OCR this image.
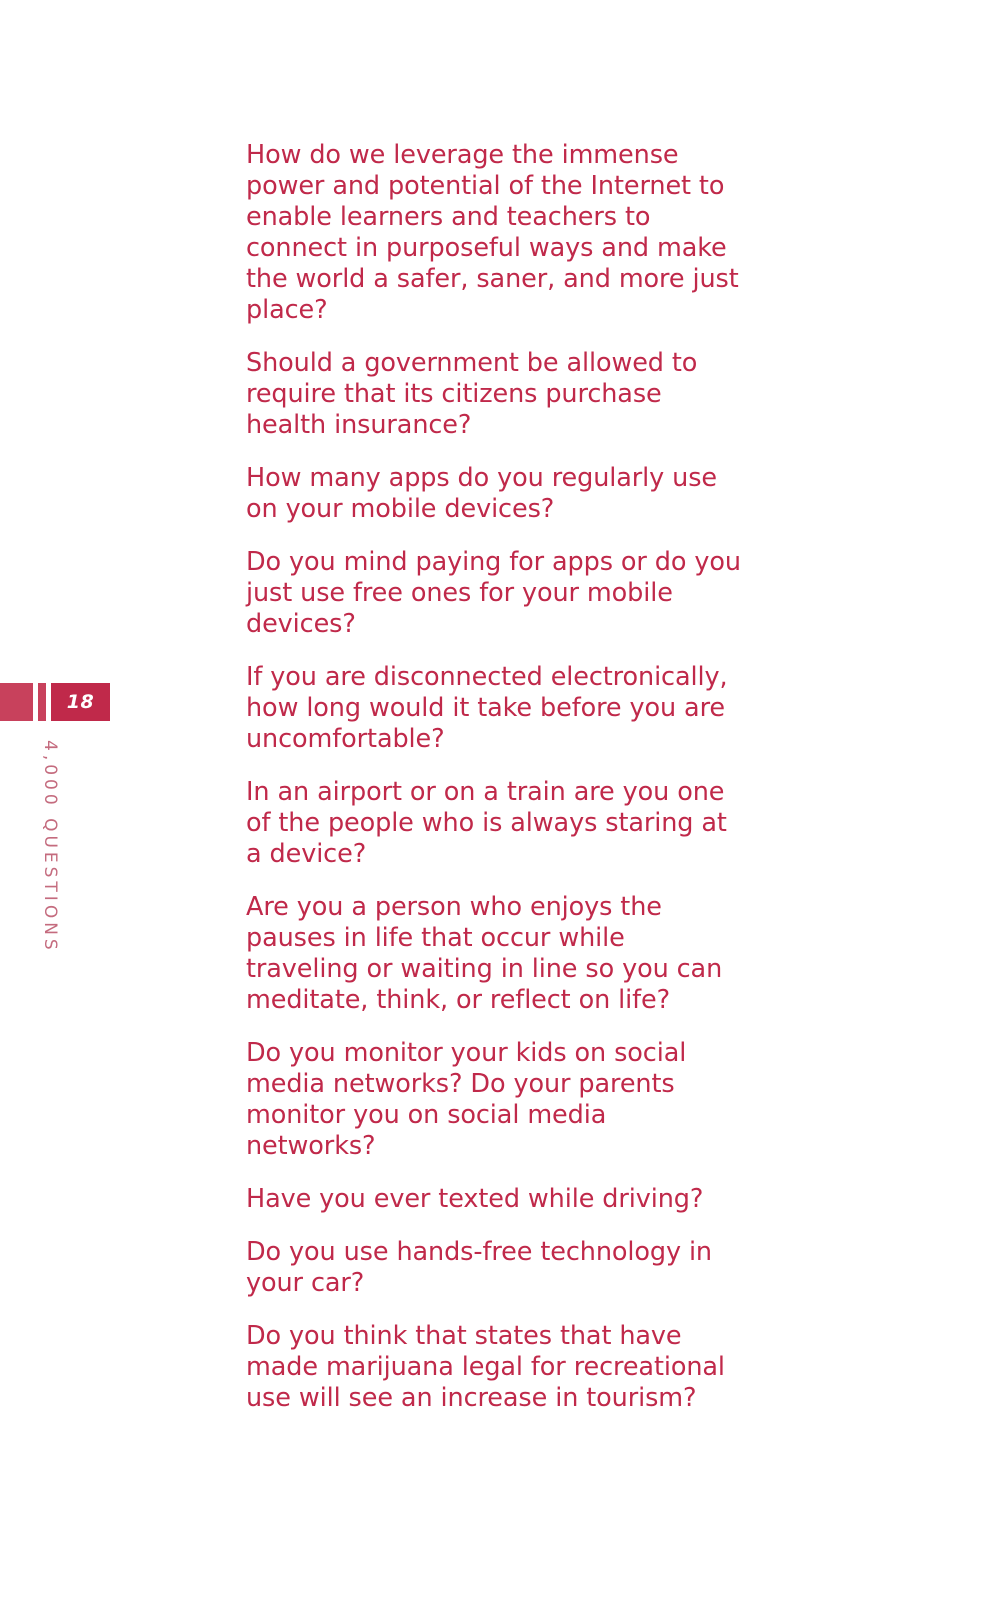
18
4,000 QUESTIONS

How do we leverage the immense power and potential of the Internet to enable learners and teachers to connect in purposeful ways and make the world a safer, saner, and more just place?

Should a government be allowed to require that its citizens purchase health insurance?

How many apps do you regularly use on your mobile devices?

Do you mind paying for apps or do you just use free ones for your mobile devices?

If you are disconnected electronically, how long would it take before you are uncomfortable?

In an airport or on a train are you one of the people who is always staring at a device?

Are you a person who enjoys the pauses in life that occur while traveling or waiting in line so you can meditate, think, or reflect on life?

Do you monitor your kids on social media networks? Do your parents monitor you on social media networks?

Have you ever texted while driving?

Do you use hands-free technology in your car?

Do you think that states that have made marijuana legal for recreational use will see an increase in tourism?
